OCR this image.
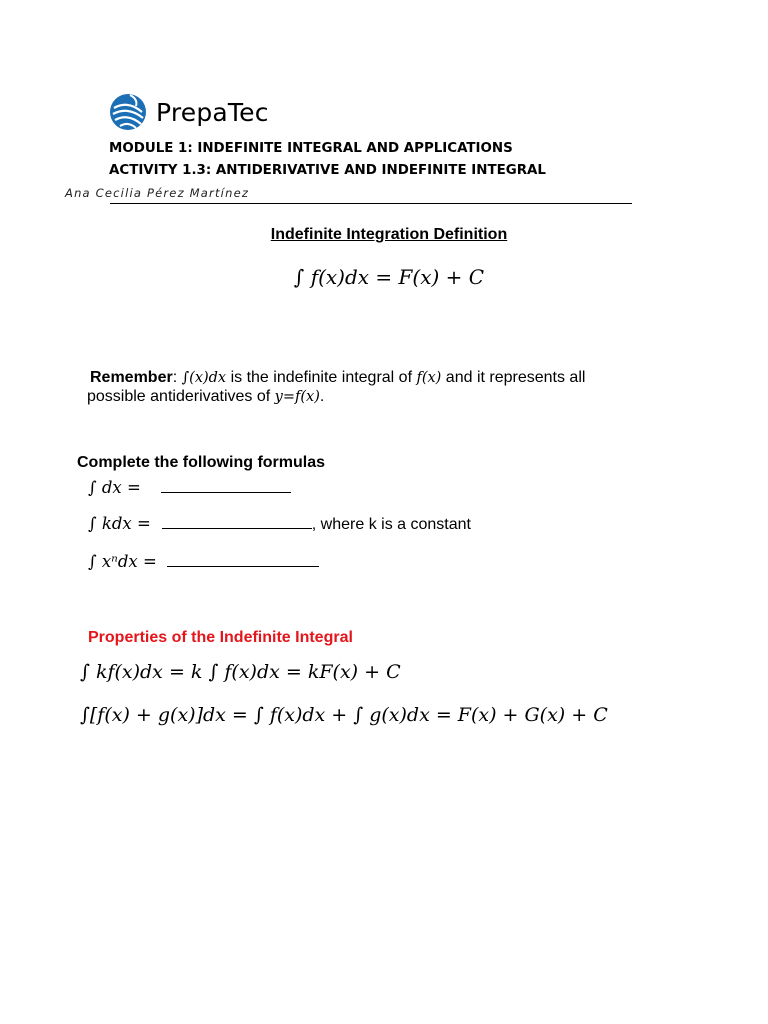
PrepaTec
MODULE 1: INDEFINITE INTEGRAL AND APPLICATIONS
ACTIVITY 1.3: ANTIDERIVATIVE AND INDEFINITE INTEGRAL
Ana Cecilia Pérez Martínez
Indefinite Integration Definition
∫ f(x)dx = F(x) + C
Remember: ∫(x)dx is the indefinite integral of f(x) and it represents all
possible antiderivatives of y=f(x).
Complete the following formulas
∫ dx =
∫ kdx =	, where k is a constant
∫ xⁿdx =
Properties of the Indefinite Integral
∫ kf(x)dx = k ∫ f(x)dx = kF(x) + C
∫[f(x) + g(x)]dx = ∫ f(x)dx + ∫ g(x)dx = F(x) + G(x) + C
